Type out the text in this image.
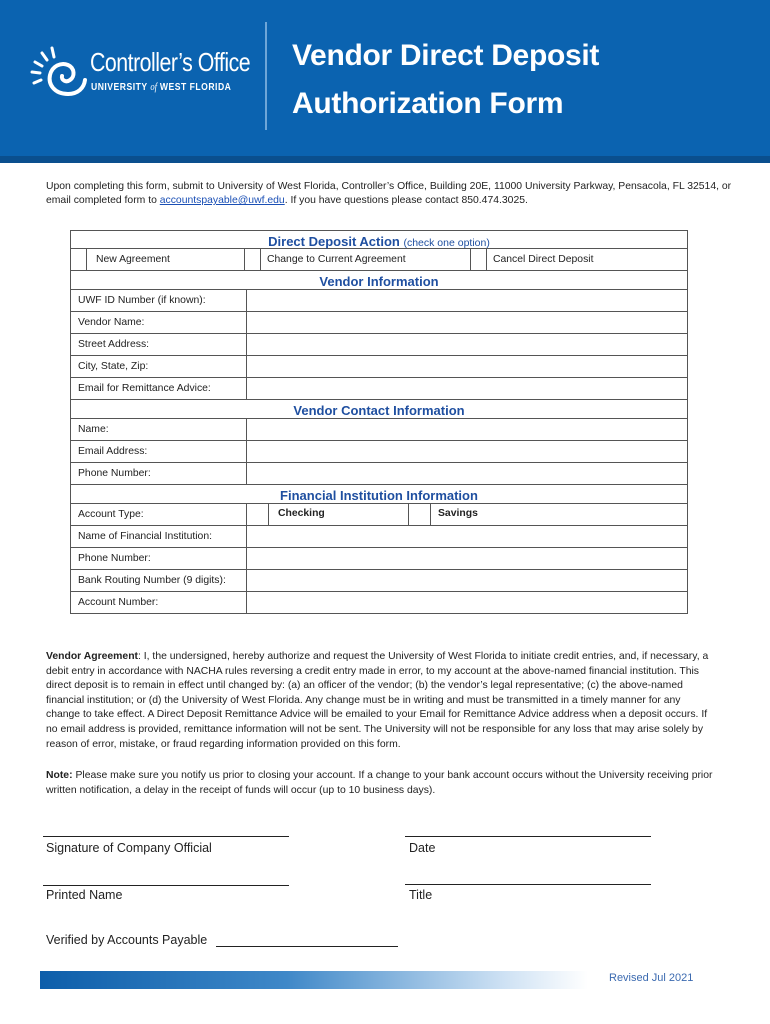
Controller’s Office
UNIVERSITY of WEST FLORIDA
Vendor Direct Deposit
Authorization Form
Upon completing this form, submit to University of West Florida, Controller’s Office, Building 20E, 11000 University Parkway, Pensacola, FL 32514, or email completed form to accountspayable@uwf.edu. If you have questions please contact 850.474.3025.
Direct Deposit Action (check one option)
New Agreement	Change to Current Agreement	Cancel Direct Deposit
Vendor Information
UWF ID Number (if known):
Vendor Name:
Street Address:
City, State, Zip:
Email for Remittance Advice:
Vendor Contact Information
Name:
Email Address:
Phone Number:
Financial Institution Information
Account Type:	Checking	Savings
Name of Financial Institution:
Phone Number:
Bank Routing Number (9 digits):
Account Number:
Vendor Agreement: I, the undersigned, hereby authorize and request the University of West Florida to initiate credit entries, and, if necessary, a debit entry in accordance with NACHA rules reversing a credit entry made in error, to my account at the above-named financial institution. This direct deposit is to remain in effect until changed by: (a) an officer of the vendor; (b) the vendor’s legal representative; (c) the above-named financial institution; or (d) the University of West Florida. Any change must be in writing and must be transmitted in a timely manner for any change to take effect. A Direct Deposit Remittance Advice will be emailed to your Email for Remittance Advice address when a deposit occurs. If no email address is provided, remittance information will not be sent. The University will not be responsible for any loss that may arise solely by reason of error, mistake, or fraud regarding information provided on this form.
Note: Please make sure you notify us prior to closing your account. If a change to your bank account occurs without the University receiving prior written notification, a delay in the receipt of funds will occur (up to 10 business days).
Signature of Company Official	Date
Printed Name	Title
Verified by Accounts Payable
Revised Jul 2021
